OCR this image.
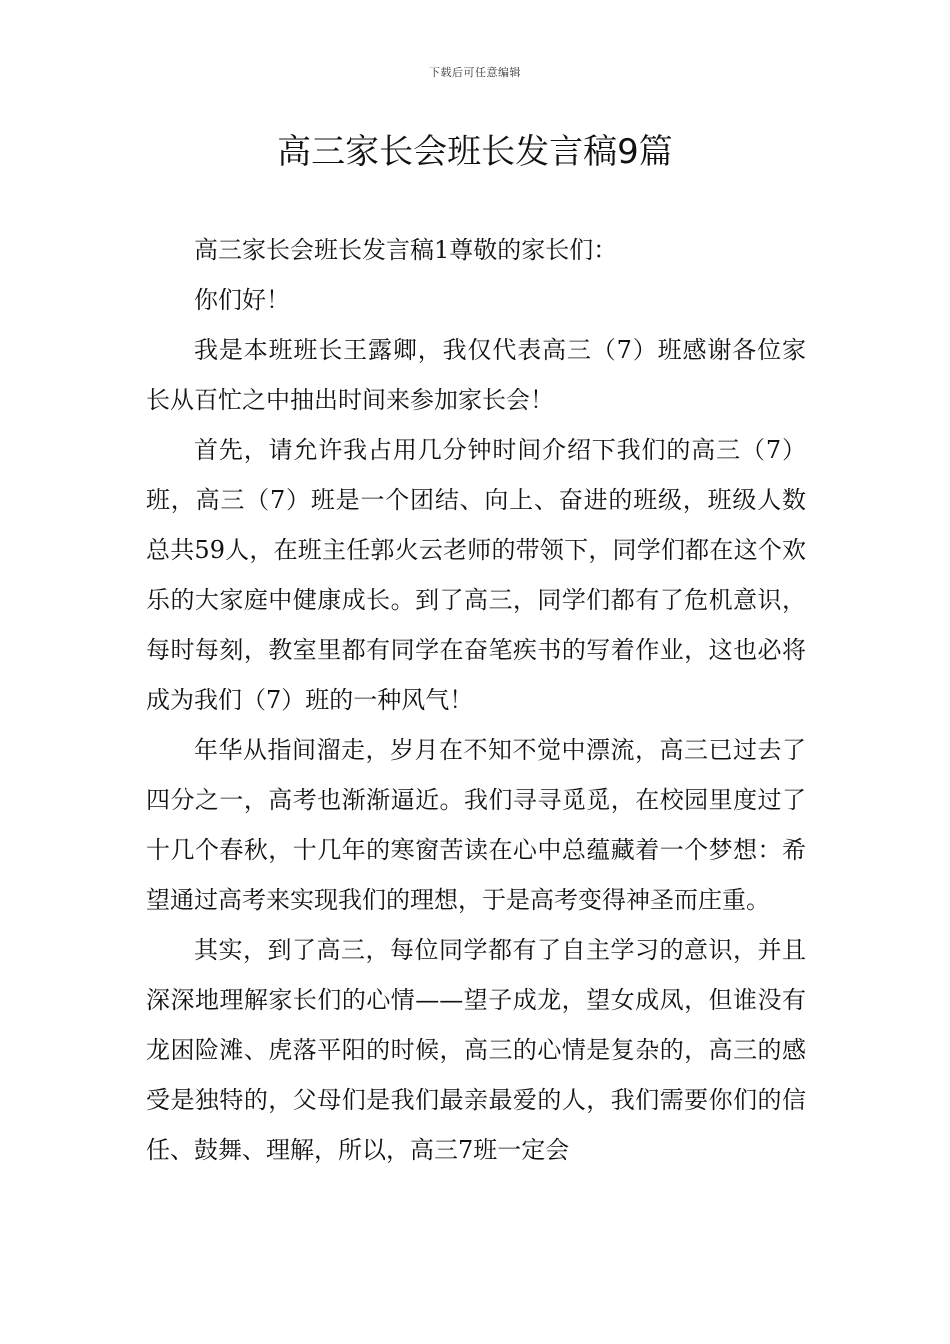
下载后可任意编辑
高三家长会班长发言稿9篇

高三家长会班长发言稿1尊敬的家长们：

你们好！

我是本班班长王露卿，我仅代表高三（7）班感谢各位家长从百忙之中抽出时间来参加家长会！

首先，请允许我占用几分钟时间介绍下我们的高三（7）班，高三（7）班是一个团结、向上、奋进的班级，班级人数总共59人，在班主任郭火云老师的带领下，同学们都在这个欢乐的大家庭中健康成长。到了高三，同学们都有了危机意识，每时每刻，教室里都有同学在奋笔疾书的写着作业，这也必将成为我们（7）班的一种风气！

年华从指间溜走，岁月在不知不觉中漂流，高三已过去了四分之一，高考也渐渐逼近。我们寻寻觅觅，在校园里度过了十几个春秋，十几年的寒窗苦读在心中总蕴藏着一个梦想：希望通过高考来实现我们的理想，于是高考变得神圣而庄重。

其实，到了高三，每位同学都有了自主学习的意识，并且深深地理解家长们的心情——望子成龙，望女成凤，但谁没有龙困险滩、虎落平阳的时候，高三的心情是复杂的，高三的感受是独特的，父母们是我们最亲最爱的人，我们需要你们的信任、鼓舞、理解，所以，高三7班一定会
